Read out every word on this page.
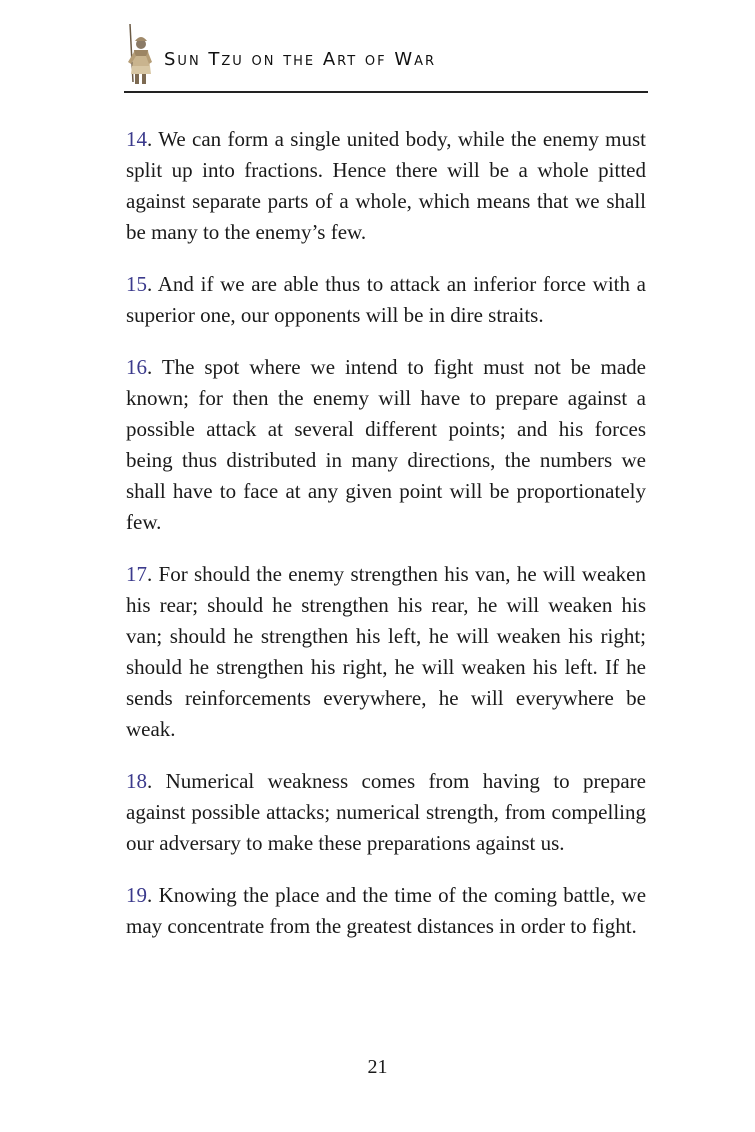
Sun Tzu on the Art of War

14. We can form a single united body, while the enemy must split up into fractions. Hence there will be a whole pitted against separate parts of a whole, which means that we shall be many to the enemy’s few.

15. And if we are able thus to attack an inferior force with a superior one, our opponents will be in dire straits.

16. The spot where we intend to fight must not be made known; for then the enemy will have to prepare against a possible attack at several different points; and his forces being thus distributed in many directions, the numbers we shall have to face at any given point will be proportionately few.

17. For should the enemy strengthen his van, he will weaken his rear; should he strengthen his rear, he will weaken his van; should he strengthen his left, he will weaken his right; should he strengthen his right, he will weaken his left. If he sends reinforcements everywhere, he will everywhere be weak.

18. Numerical weakness comes from having to prepare against possible attacks; numerical strength, from compelling our adversary to make these preparations against us.

19. Knowing the place and the time of the coming battle, we may concentrate from the greatest distances in order to fight.

21
